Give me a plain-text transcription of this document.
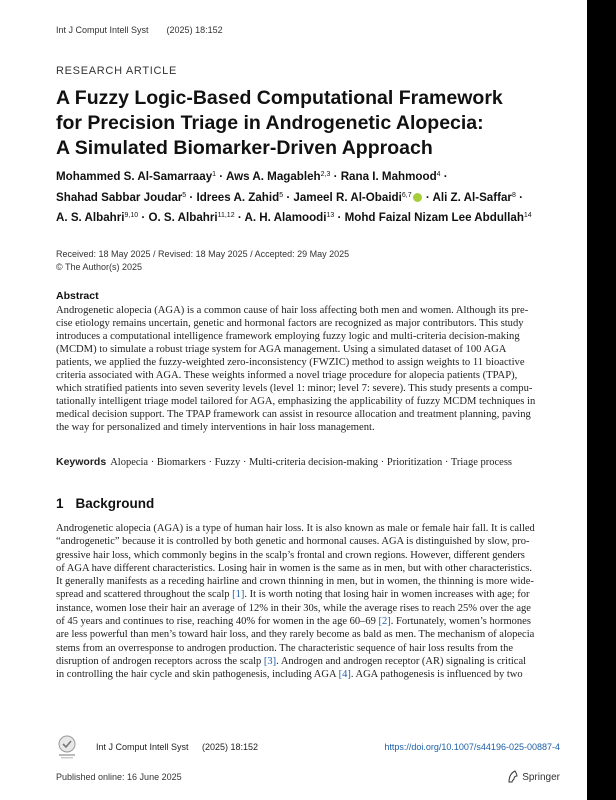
Int J Comput Intell Syst (2025) 18:152
RESEARCH ARTICLE
A Fuzzy Logic-Based Computational Framework
for Precision Triage in Androgenetic Alopecia:
A Simulated Biomarker-Driven Approach
Mohammed S. Al-Samarraay$^1$ · Aws A. Magableh$^{2,3}$ · Rana I. Mahmood$^4$ ·
Shahad Sabbar Joudar$^5$ · Idrees A. Zahid$^5$ · Jameel R. Al-Obaidi$^{6,7}$ · Ali Z. Al-Saffar$^8$ ·
A. S. Albahri$^{9,10}$ · O. S. Albahri$^{11,12}$ · A. H. Alamoodi$^{13}$ · Mohd Faizal Nizam Lee Abdullah$^{14}$
Received: 18 May 2025 / Revised: 18 May 2025 / Accepted: 29 May 2025
© The Author(s) 2025
Abstract
Androgenetic alopecia (AGA) is a common cause of hair loss affecting both men and women. Although its pre-
cise etiology remains uncertain, genetic and hormonal factors are recognized as major contributors. This study
introduces a computational intelligence framework employing fuzzy logic and multi-criteria decision-making
(MCDM) to simulate a robust triage system for AGA management. Using a simulated dataset of 100 AGA
patients, we applied the fuzzy-weighted zero-inconsistency (FWZIC) method to assign weights to 11 bioactive
criteria associated with AGA. These weights informed a novel triage procedure for alopecia patients (TPAP),
which stratified patients into seven severity levels (level 1: minor; level 7: severe). This study presents a compu-
tationally intelligent triage model tailored for AGA, emphasizing the applicability of fuzzy MCDM techniques in
medical decision support. The TPAP framework can assist in resource allocation and treatment planning, paving
the way for personalized and timely interventions in hair loss management.
Keywords Alopecia · Biomarkers · Fuzzy · Multi-criteria decision-making · Prioritization · Triage process
1 Background
Androgenetic alopecia (AGA) is a type of human hair loss. It is also known as male or female hair fall. It is called
“androgenetic” because it is controlled by both genetic and hormonal causes. AGA is distinguished by slow, pro-
gressive hair loss, which commonly begins in the scalp’s frontal and crown regions. However, different genders
of AGA have different characteristics. Losing hair in women is the same as in men, but with other characteristics.
It generally manifests as a receding hairline and crown thinning in men, but in women, the thinning is more wide-
spread and scattered throughout the scalp [1]. It is worth noting that losing hair in women increases with age; for
instance, women lose their hair an average of 12% in their 30s, while the average rises to reach 25% over the age
of 45 years and continues to rise, reaching 40% for women in the age 60–69 [2]. Fortunately, women’s hormones
are less powerful than men’s toward hair loss, and they rarely become as bald as men. The mechanism of alopecia
stems from an overresponse to androgen production. The characteristic sequence of hair loss results from the
disruption of androgen receptors across the scalp [3]. Androgen and androgen receptor (AR) signaling is critical
in controlling the hair cycle and skin pathogenesis, including AGA [4]. AGA pathogenesis is influenced by two
Int J Comput Intell Syst (2025) 18:152	https://doi.org/10.1007/s44196-025-00887-4
Published online: 16 June 2025	Springer
